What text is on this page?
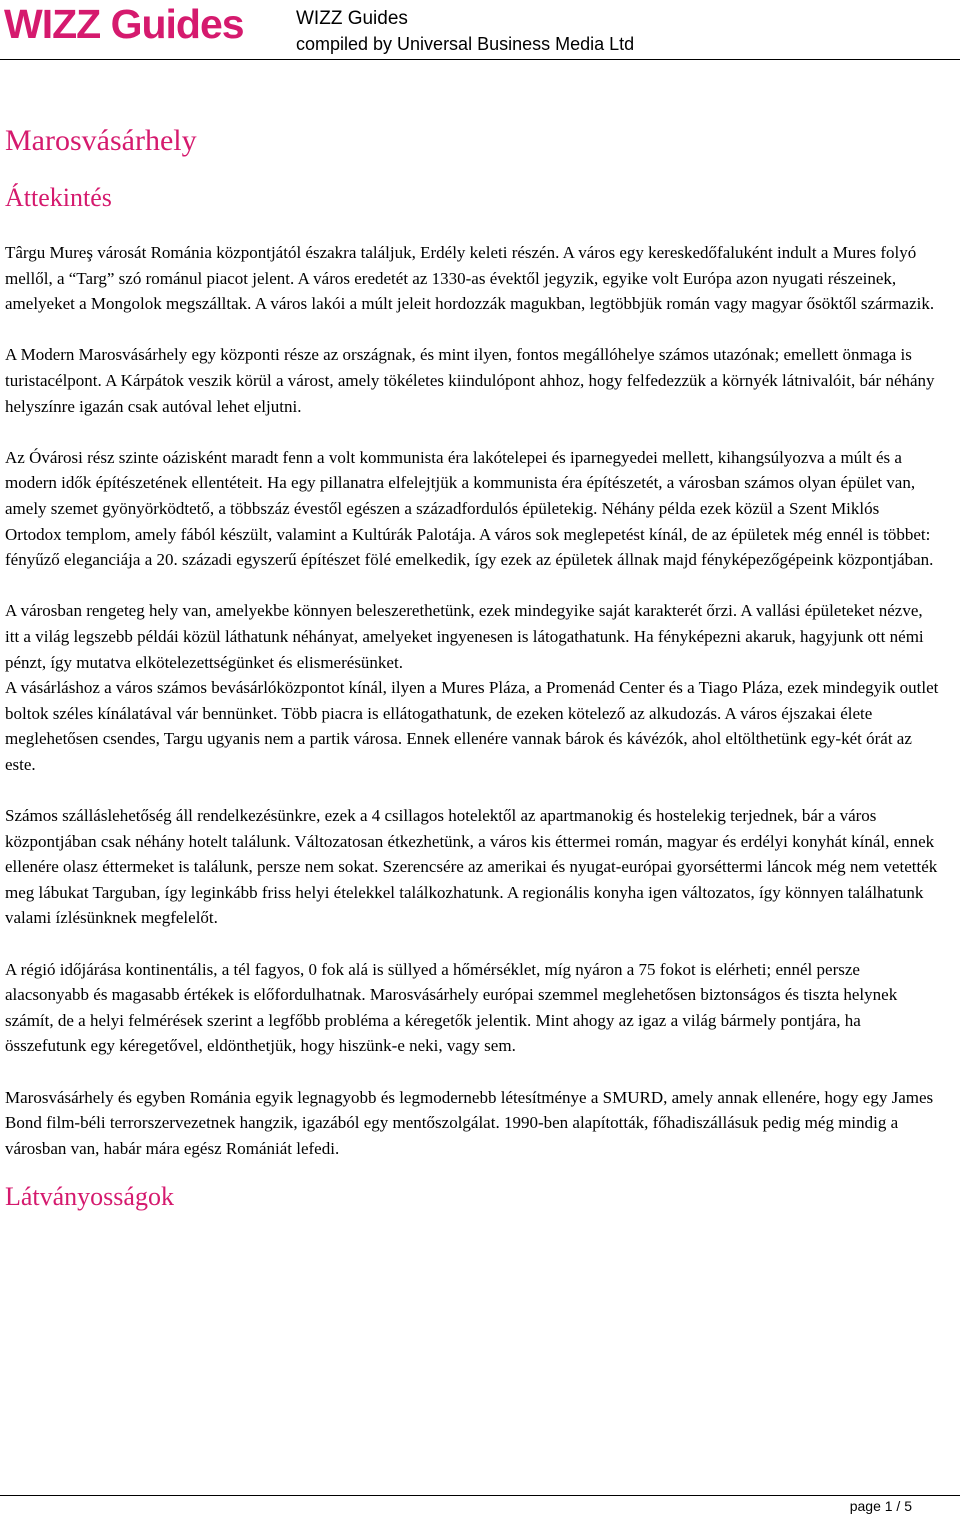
WIZZ Guides	WIZZ Guides
compiled by Universal Business Media Ltd
Marosvásárhely
Áttekintés

Târgu Mureş városát Románia központjától északra találjuk, Erdély keleti részén. A város egy kereskedőfaluként indult a Mures folyó mellől, a “Targ” szó románul piacot jelent. A város eredetét az 1330-as évektől jegyzik, egyike volt Európa azon nyugati részeinek, amelyeket a Mongolok megszálltak. A város lakói a múlt jeleit hordozzák magukban, legtöbbjük román vagy magyar ősöktől származik.

A Modern Marosvásárhely egy központi része az országnak, és mint ilyen, fontos megállóhelye számos utazónak; emellett önmaga is turistacélpont. A Kárpátok veszik körül a várost, amely tökéletes kiindulópont ahhoz, hogy felfedezzük a környék látnivalóit, bár néhány helyszínre igazán csak autóval lehet eljutni.

Az Óvárosi rész szinte oázisként maradt fenn a volt kommunista éra lakótelepei és iparnegyedei mellett, kihangsúlyozva a múlt és a modern idők építészetének ellentéteit. Ha egy pillanatra elfelejtjük a kommunista éra építészetét, a városban számos olyan épület van, amely szemet gyönyörködtető, a többszáz évestől egészen a századfordulós épületekig. Néhány példa ezek közül a Szent Miklós Ortodox templom, amely fából készült, valamint a Kultúrák Palotája. A város sok meglepetést kínál, de az épületek még ennél is többet: fényűző eleganciája a 20. századi egyszerű építészet fölé emelkedik, így ezek az épületek állnak majd fényképezőgépeink központjában.

A városban rengeteg hely van, amelyekbe könnyen beleszerethetünk, ezek mindegyike saját karakterét őrzi. A vallási épületeket nézve, itt a világ legszebb példái közül láthatunk néhányat, amelyeket ingyenesen is látogathatunk. Ha fényképezni akaruk, hagyjunk ott némi pénzt, így mutatva elkötelezettségünket és elismerésünket.

A vásárláshoz a város számos bevásárlóközpontot kínál, ilyen a Mures Pláza, a Promenád Center és a Tiago Pláza, ezek mindegyik outlet boltok széles kínálatával vár bennünket. Több piacra is ellátogathatunk, de ezeken kötelező az alkudozás. A város éjszakai élete meglehetősen csendes, Targu ugyanis nem a partik városa. Ennek ellenére vannak bárok és kávézók, ahol eltölthetünk egy-két órát az este.

Számos szálláslehetőség áll rendelkezésünkre, ezek a 4 csillagos hotelektől az apartmanokig és hostelekig terjednek, bár a város központjában csak néhány hotelt találunk. Változatosan étkezhetünk, a város kis éttermei román, magyar és erdélyi konyhát kínál, ennek ellenére olasz éttermeket is találunk, persze nem sokat. Szerencsére az amerikai és nyugat-európai gyorséttermi láncok még nem vetették meg lábukat Targuban, így leginkább friss helyi ételekkel találkozhatunk. A regionális konyha igen változatos, így könnyen találhatunk valami ízlésünknek megfelelőt.

A régió időjárása kontinentális, a tél fagyos, 0 fok alá is süllyed a hőmérséklet, míg nyáron a 75 fokot is elérheti; ennél persze alacsonyabb és magasabb értékek is előfordulhatnak. Marosvásárhely európai szemmel meglehetősen biztonságos és tiszta helynek számít, de a helyi felmérések szerint a legfőbb probléma a kéregetők jelentik. Mint ahogy az igaz a világ bármely pontjára, ha összefutunk egy kéregetővel, eldönthetjük, hogy hiszünk-e neki, vagy sem.

Marosvásárhely és egyben Románia egyik legnagyobb és legmodernebb létesítménye a SMURD, amely annak ellenére, hogy egy James Bond film-béli terrorszervezetnek hangzik, igazából egy mentőszolgálat. 1990-ben alapították, főhadiszállásuk pedig még mindig a városban van, habár mára egész Romániát lefedi.

Látványosságok
page 1 / 5
